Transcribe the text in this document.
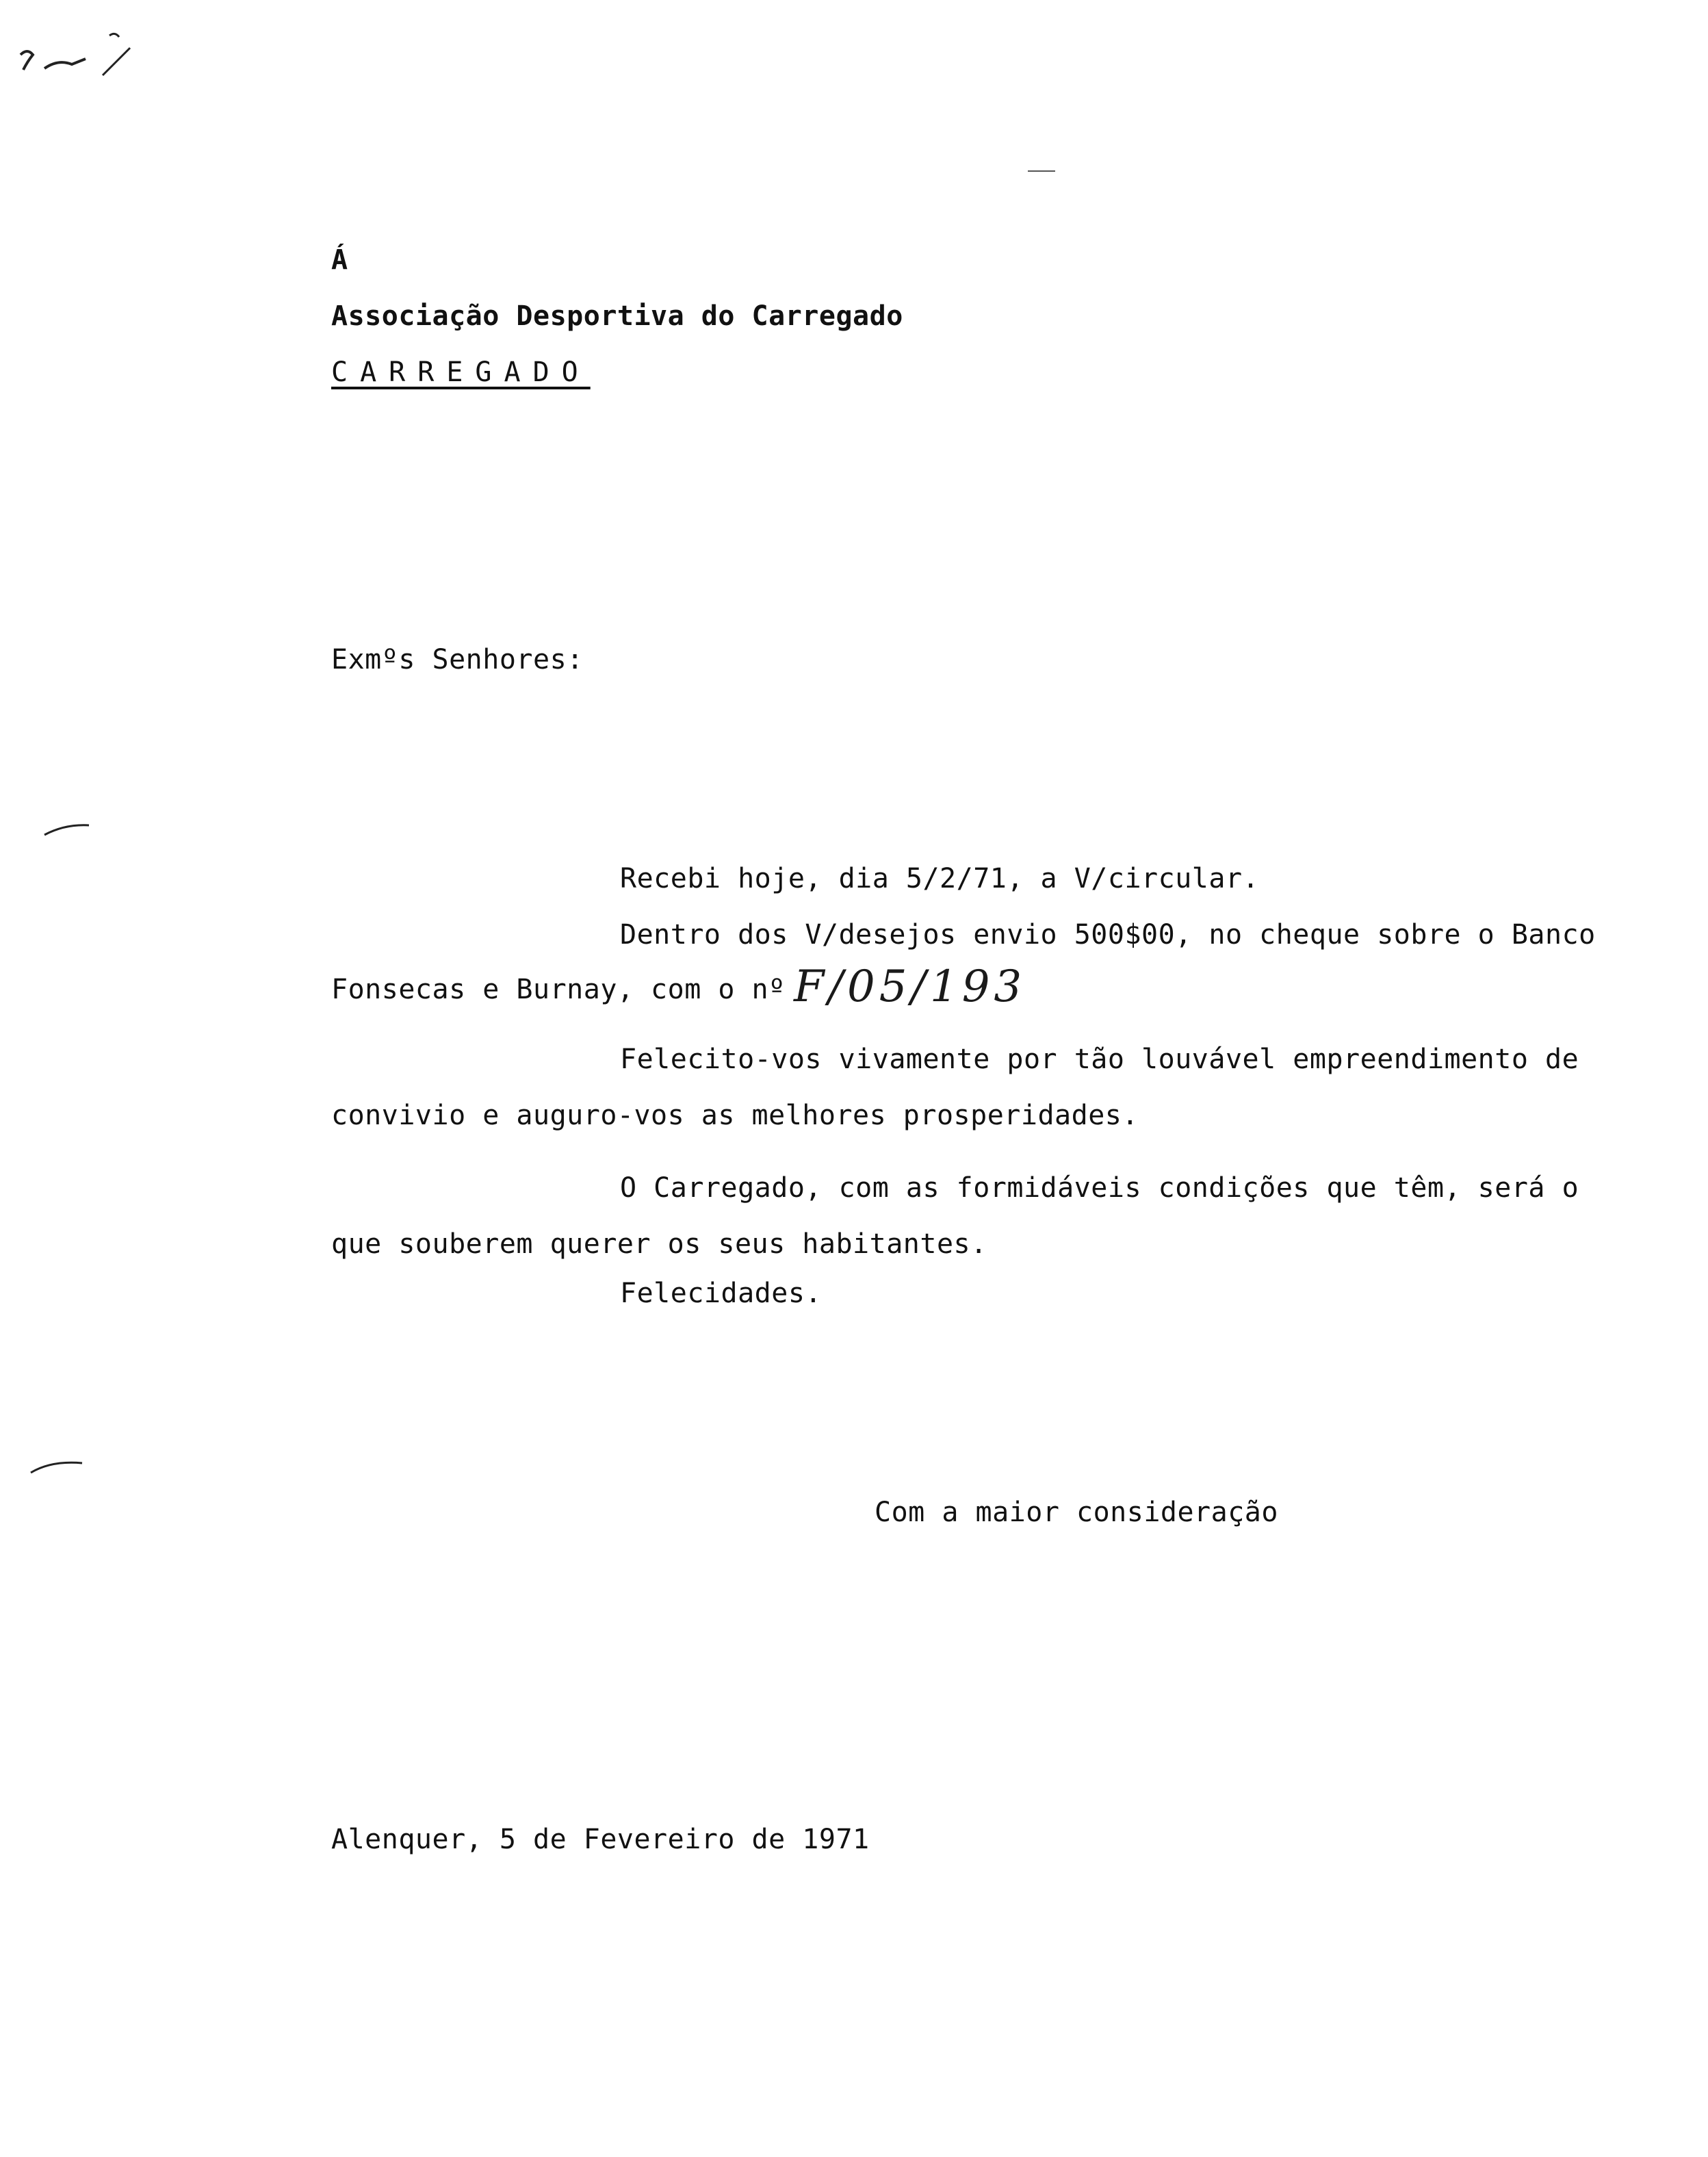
Á
Associação Desportiva do Carregado
CARREGADO
Exmºs Senhores:
Recebi hoje, dia 5/2/71, a V/circular.
Dentro dos V/desejos envio 500$00, no cheque sobre o Banco
Fonsecas e Burnay, com o nº F/05/193
Felecito-vos vivamente por tão louvável empreendimento de
convivio e auguro-vos as melhores prosperidades.
O Carregado, com as formidáveis condições que têm, será o
que souberem querer os seus habitantes.
Felecidades.
Com a maior consideração
Alenquer, 5 de Fevereiro de 1971
